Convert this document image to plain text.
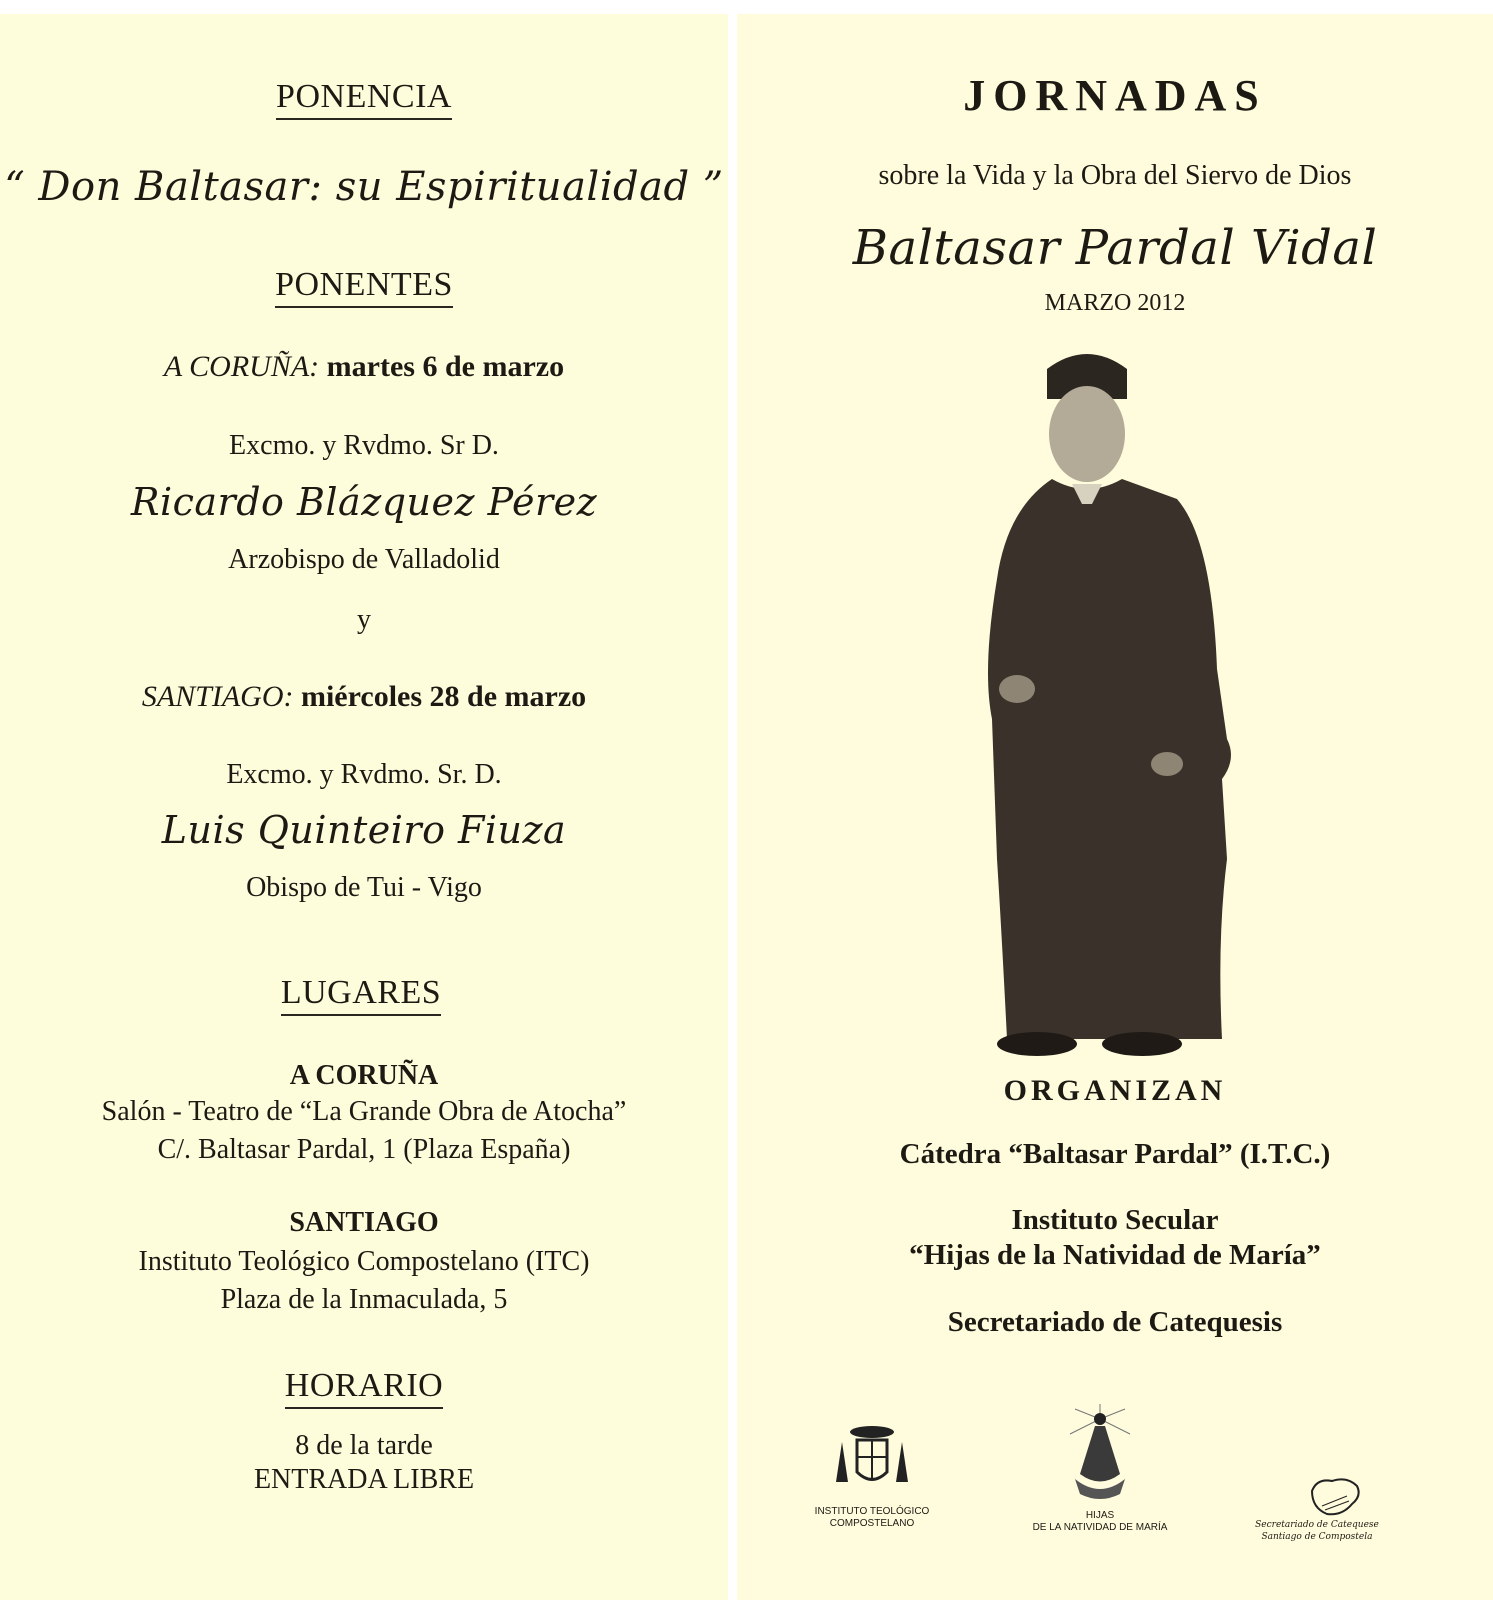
PONENCIA
“ Don Baltasar: su Espiritualidad ”
PONENTES
A CORUÑA: martes 6 de marzo
Excmo. y Rvdmo. Sr D.
Ricardo Blázquez Pérez
Arzobispo de Valladolid
y
SANTIAGO: miércoles 28 de marzo
Excmo. y Rvdmo. Sr. D.
Luis Quinteiro Fiuza
Obispo de Tui - Vigo
LUGARES
A CORUÑA
Salón - Teatro de “La Grande Obra de Atocha”
C/. Baltasar Pardal, 1 (Plaza España)
SANTIAGO
Instituto Teológico Compostelano (ITC)
Plaza de la Inmaculada, 5
HORARIO
8 de la tarde
ENTRADA LIBRE
JORNADAS
sobre la Vida y la Obra del Siervo de Dios
Baltasar Pardal Vidal
MARZO 2012
ORGANIZAN
Cátedra “Baltasar Pardal” (I.T.C.)
Instituto Secular
“Hijas de la Natividad de María”
Secretariado de Catequesis
INSTITUTO TEOLÓGICO
COMPOSTELANO
HIJAS
DE LA NATIVIDAD DE MARÍA	Secretariado de Catequese
Santiago de Compostela
